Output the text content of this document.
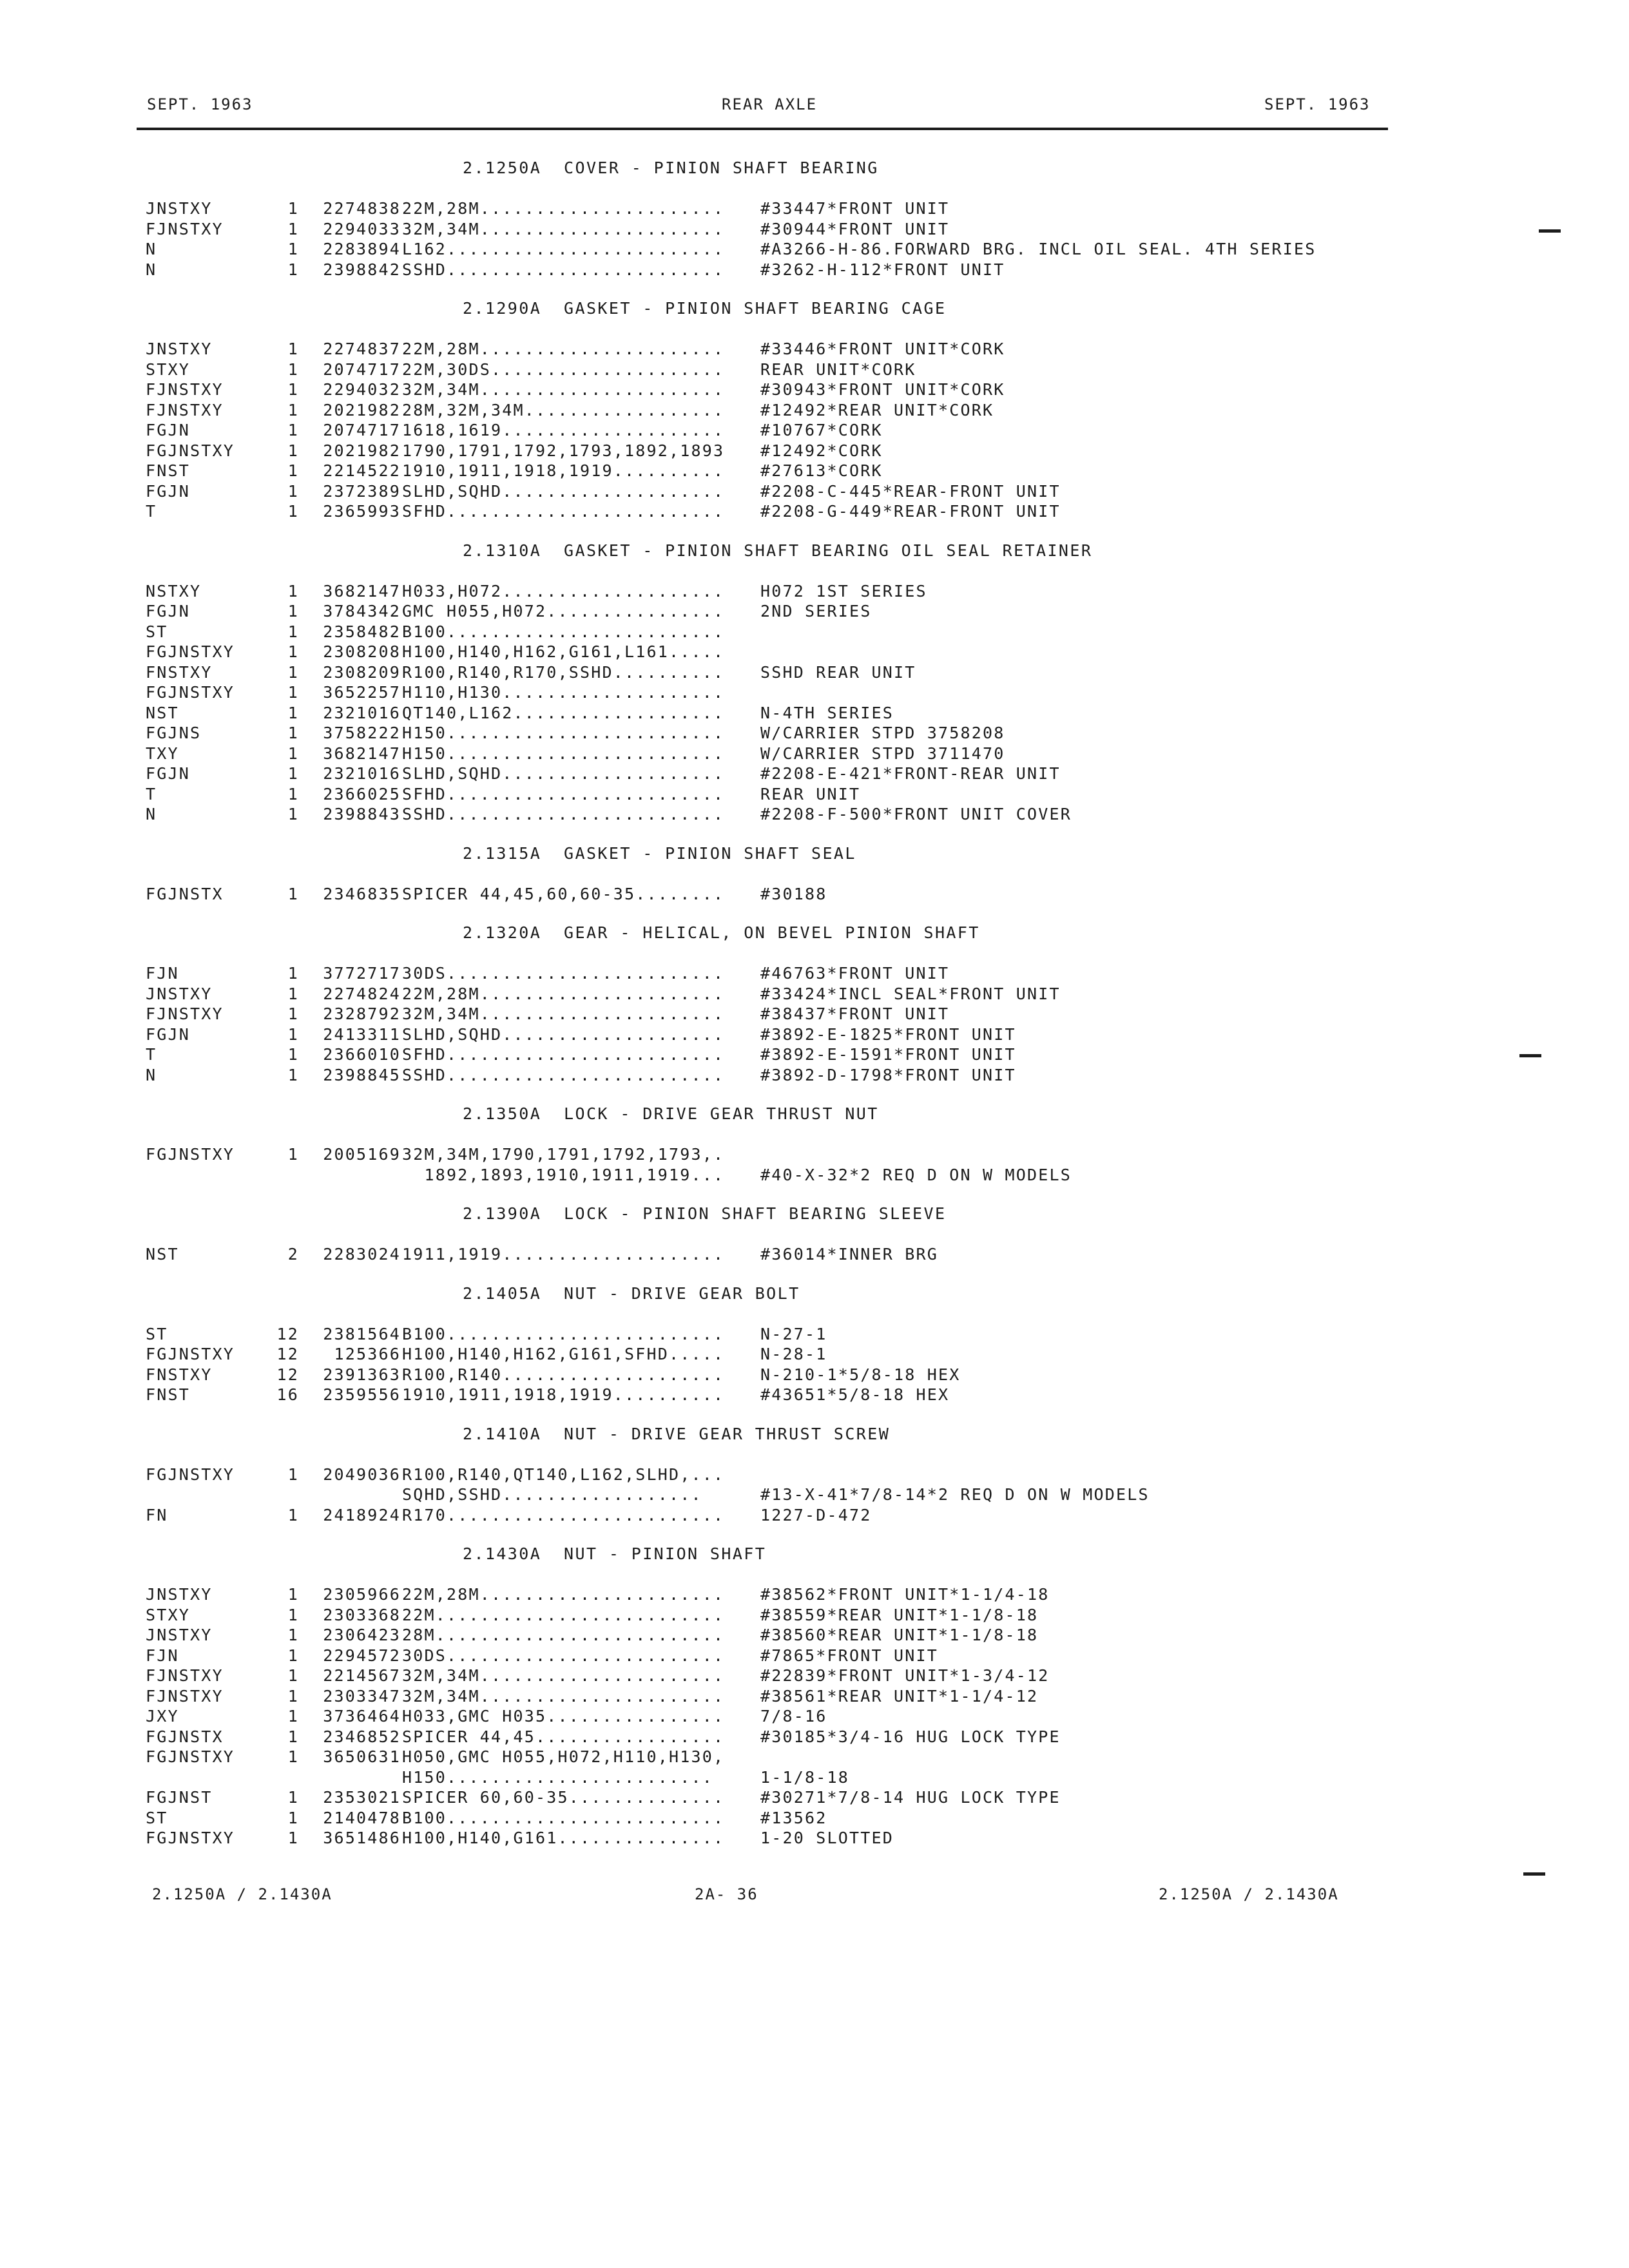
SEPT. 1963	REAR AXLE	SEPT. 1963
2.1250A  COVER - PINION SHAFT BEARING
JNSTXY	1	2274838 22M,28M...................... #33447*FRONT UNIT
FJNSTXY	1	2294033 32M,34M...................... #30944*FRONT UNIT
N	1	2283894 L162......................... #A3266-H-86.FORWARD BRG. INCL OIL SEAL. 4TH SERIES
N	1	2398842 SSHD......................... #3262-H-112*FRONT UNIT
2.1290A  GASKET - PINION SHAFT BEARING CAGE
JNSTXY	1	2274837 22M,28M...................... #33446*FRONT UNIT*CORK
STXY	1	2074717 22M,30DS..................... REAR UNIT*CORK
FJNSTXY	1	2294032 32M,34M...................... #30943*FRONT UNIT*CORK
FJNSTXY	1	2021982 28M,32M,34M.................. #12492*REAR UNIT*CORK
FGJN	1	2074717 1618,1619.................... #10767*CORK
FGJNSTXY	1	2021982 1790,1791,1792,1793,1892,1893 #12492*CORK
FNST	1	2214522 1910,1911,1918,1919.......... #27613*CORK
FGJN	1	2372389 SLHD,SQHD.................... #2208-C-445*REAR-FRONT UNIT
T	1	2365993 SFHD......................... #2208-G-449*REAR-FRONT UNIT
2.1310A  GASKET - PINION SHAFT BEARING OIL SEAL RETAINER
NSTXY	1	3682147 H033,H072.................... H072 1ST SERIES
FGJN	1	3784342 GMC H055,H072................ 2ND SERIES
ST	1	2358482 B100.........................
FGJNSTXY	1	2308208 H100,H140,H162,G161,L161.....
FNSTXY	1	2308209 R100,R140,R170,SSHD.......... SSHD REAR UNIT
FGJNSTXY	1	3652257 H110,H130....................
NST	1	2321016 QT140,L162................... N-4TH SERIES
FGJNS	1	3758222 H150......................... W/CARRIER STPD 3758208
TXY	1	3682147 H150......................... W/CARRIER STPD 3711470
FGJN	1	2321016 SLHD,SQHD.................... #2208-E-421*FRONT-REAR UNIT
T	1	2366025 SFHD......................... REAR UNIT
N	1	2398843 SSHD......................... #2208-F-500*FRONT UNIT COVER
2.1315A  GASKET - PINION SHAFT SEAL
FGJNSTX	1	2346835 SPICER 44,45,60,60-35........ #30188
2.1320A  GEAR - HELICAL, ON BEVEL PINION SHAFT
FJN	1	3772717 30DS......................... #46763*FRONT UNIT
JNSTXY	1	2274824 22M,28M...................... #33424*INCL SEAL*FRONT UNIT
FJNSTXY	1	2328792 32M,34M...................... #38437*FRONT UNIT
FGJN	1	2413311 SLHD,SQHD.................... #3892-E-1825*FRONT UNIT
T	1	2366010 SFHD......................... #3892-E-1591*FRONT UNIT
N	1	2398845 SSHD......................... #3892-D-1798*FRONT UNIT
2.1350A  LOCK - DRIVE GEAR THRUST NUT
FGJNSTXY	1	2005169 32M,34M,1790,1791,1792,1793,.
1892,1893,1910,1911,1919... #40-X-32*2 REQ D ON W MODELS
2.1390A  LOCK - PINION SHAFT BEARING SLEEVE
NST	2	2283024 1911,1919.................... #36014*INNER BRG
2.1405A  NUT - DRIVE GEAR BOLT
ST	12	2381564 B100......................... N-27-1
FGJNSTXY	12	125366 H100,H140,H162,G161,SFHD..... N-28-1
FNSTXY	12	2391363 R100,R140.................... N-210-1*5/8-18 HEX
FNST	16	2359556 1910,1911,1918,1919.......... #43651*5/8-18 HEX
2.1410A  NUT - DRIVE GEAR THRUST SCREW
FGJNSTXY	1	2049036 R100,R140,QT140,L162,SLHD,...
SQHD,SSHD..................	#13-X-41*7/8-14*2 REQ D ON W MODELS
FN	1	2418924 R170......................... 1227-D-472
2.1430A  NUT - PINION SHAFT
JNSTXY	1	2305966 22M,28M...................... #38562*FRONT UNIT*1-1/4-18
STXY	1	2303368 22M.......................... #38559*REAR UNIT*1-1/8-18
JNSTXY	1	2306423 28M.......................... #38560*REAR UNIT*1-1/8-18
FJN	1	2294572 30DS......................... #7865*FRONT UNIT
FJNSTXY	1	2214567 32M,34M...................... #22839*FRONT UNIT*1-3/4-12
FJNSTXY	1	2303347 32M,34M...................... #38561*REAR UNIT*1-1/4-12
JXY	1	3736464 H033,GMC H035................ 7/8-16
FGJNSTX	1	2346852 SPICER 44,45................. #30185*3/4-16 HUG LOCK TYPE
FGJNSTXY	1	3650631 H050,GMC H055,H072,H110,H130,
H150........................	1-1/8-18
FGJNST	1	2353021 SPICER 60,60-35.............. #30271*7/8-14 HUG LOCK TYPE
ST	1	2140478 B100......................... #13562
FGJNSTXY	1	3651486 H100,H140,G161............... 1-20 SLOTTED
2.1250A / 2.1430A	2A- 36	2.1250A / 2.1430A
